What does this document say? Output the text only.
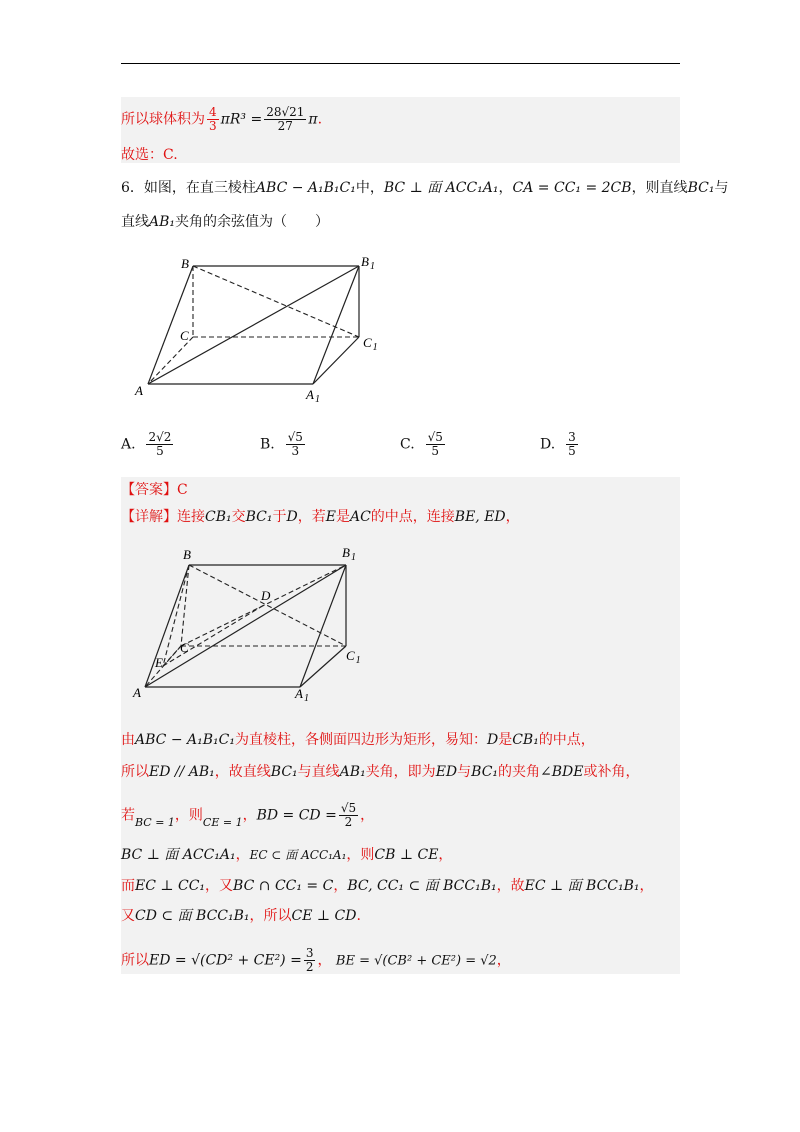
所以球体积为 $\frac{4}{3} \pi R^3 = \frac{28√21}{27} \pi$.
故选：C.
6．如图，在直三棱柱ABC − A₁B₁C₁中，BC ⊥ 面 ACC₁A₁，CA = CC₁ = 2CB，则直线BC₁与
直线AB₁夹角的余弦值为（　　）
B	$B_1$
C	$C_1$
A	$A_1$
A. $\frac{2√2}{5}$	B. $\frac{√5}{3}$	C. $\frac{√5}{5}$	D. $\frac{3}{5}$
【答案】C
【详解】连接CB₁交BC₁于D，若E是AC的中点，连接BE, ED，
B	$B_1$
D
C
E	$C_1$
A	$A_1$
由ABC − A₁B₁C₁为直棱柱，各侧面四边形为矩形，易知：D是CB₁的中点，
所以ED // AB₁，故直线BC₁与直线AB₁夹角，即为ED与BC₁的夹角∠BDE或补角，
若$_{BC = 1}$，则$_{CE = 1}$，BD = CD = $\frac{√5}{2}$ ，
BC ⊥ 面 ACC₁A₁，EC ⊂ 面 ACC₁A₁，则CB ⊥ CE，
而EC ⊥ CC₁，又BC ∩ CC₁ = C，BC, CC₁ ⊂ 面 BCC₁B₁，故EC ⊥ 面 BCC₁B₁，
又CD ⊂ 面 BCC₁B₁，所以CE ⊥ CD.
所以ED = $√(CD^2 + CE^2) = \frac{3}{2}$ ， BE = √(CB² + CE²) = √2，
